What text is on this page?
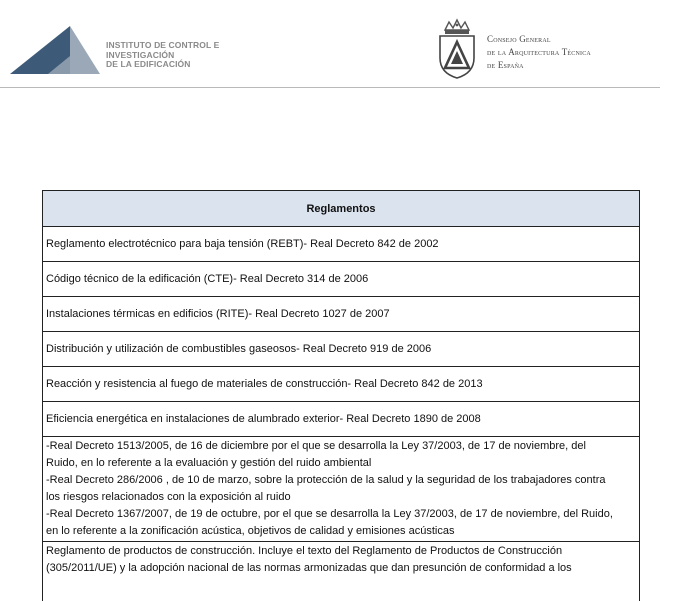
INSTITUTO DE CONTROL E
INVESTIGACIÓN
DE LA EDIFICACIÓN
Consejo General
de la Arquitectura Técnica
de España
Reglamentos
Reglamento electrotécnico para baja tensión (REBT)- Real Decreto 842 de 2002
Código técnico de la edificación (CTE)- Real Decreto 314 de 2006
Instalaciones térmicas en edificios (RITE)- Real Decreto 1027 de 2007
Distribución y utilización de combustibles gaseosos- Real Decreto 919 de 2006
Reacción y resistencia al fuego de materiales de construcción- Real Decreto 842 de 2013
Eficiencia energética en instalaciones de alumbrado exterior- Real Decreto 1890 de 2008
-Real Decreto 1513/2005, de 16 de diciembre por el que se desarrolla la Ley 37/2003, de 17 de noviembre, del
Ruido, en lo referente a la evaluación y gestión del ruido ambiental
-Real Decreto 286/2006 , de 10 de marzo, sobre la protección de la salud y la seguridad de los trabajadores contra
los riesgos relacionados con la exposición al ruido
-Real Decreto 1367/2007, de 19 de octubre, por el que se desarrolla la Ley 37/2003, de 17 de noviembre, del Ruido,
en lo referente a la zonificación acústica, objetivos de calidad y emisiones acústicas
Reglamento de productos de construcción. Incluye el texto del Reglamento de Productos de Construcción
(305/2011/UE) y la adopción nacional de las normas armonizadas que dan presunción de conformidad a los
